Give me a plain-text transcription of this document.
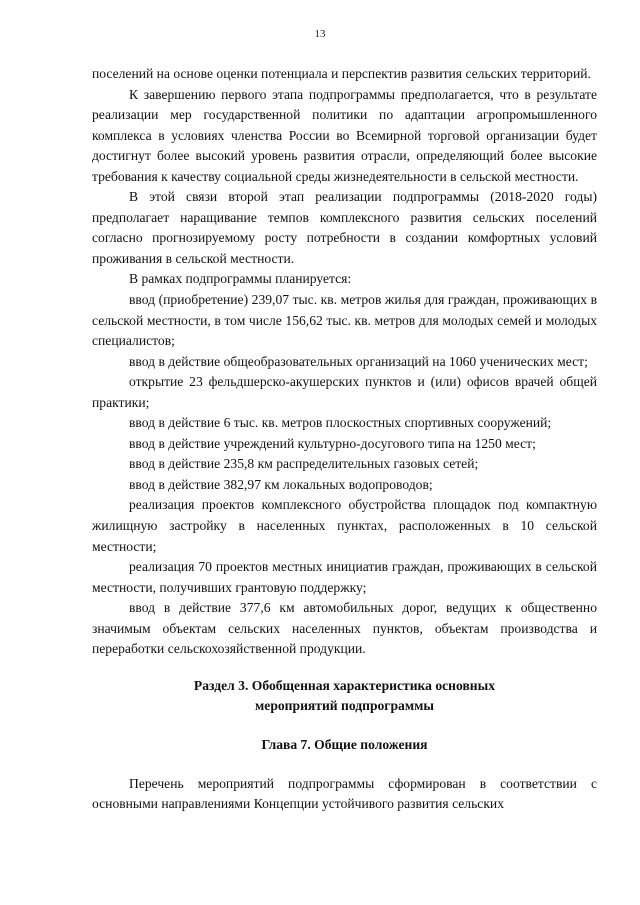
13

поселений на основе оценки потенциала и перспектив развития сельских территорий.

К завершению первого этапа подпрограммы предполагается, что в результате реализации мер государственной политики по адаптации агропромышленного комплекса в условиях членства России во Всемирной торговой организации будет достигнут более высокий уровень развития отрасли, определяющий более высокие требования к качеству социальной среды жизнедеятельности в сельской местности.

В этой связи второй этап реализации подпрограммы (2018-2020 годы) предполагает наращивание темпов комплексного развития сельских поселений согласно прогнозируемому росту потребности в создании комфортных условий проживания в сельской местности.

В рамках подпрограммы планируется:

ввод (приобретение) 239,07 тыс. кв. метров жилья для граждан, проживающих в сельской местности, в том числе 156,62 тыс. кв. метров для молодых семей и молодых специалистов;

ввод в действие общеобразовательных организаций на 1060 ученических мест;

открытие 23 фельдшерско-акушерских пунктов и (или) офисов врачей общей практики;

ввод в действие 6 тыс. кв. метров плоскостных спортивных сооружений;

ввод в действие учреждений культурно-досугового типа на 1250 мест;

ввод в действие 235,8 км распределительных газовых сетей;

ввод в действие 382,97 км локальных водопроводов;

реализация проектов комплексного обустройства площадок под компактную жилищную застройку в населенных пунктах, расположенных в 10 сельской местности;

реализация 70 проектов местных инициатив граждан, проживающих в сельской местности, получивших грантовую поддержку;

ввод в действие 377,6 км автомобильных дорог, ведущих к общественно значимым объектам сельских населенных пунктов, объектам производства и переработки сельскохозяйственной продукции.

Раздел 3. Обобщенная характеристика основных

мероприятий подпрограммы

Глава 7. Общие положения

Перечень мероприятий подпрограммы сформирован в соответствии с основными направлениями Концепции устойчивого развития сельских
